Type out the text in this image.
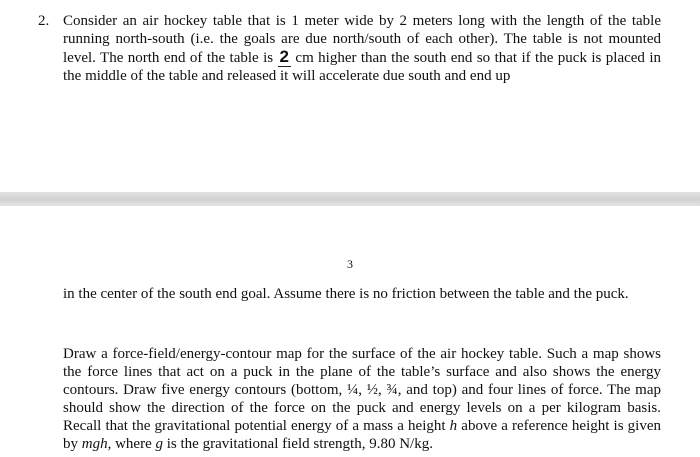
2. Consider an air hockey table that is 1 meter wide by 2 meters long with the length of the table running north-south (i.e. the goals are due north/south of each other). The table is not mounted level. The north end of the table is 2 cm higher than the south end so that if the puck is placed in the middle of the table and released it will accelerate due south and end up

3

in the center of the south end goal. Assume there is no friction between the table and the puck.

Draw a force-field/energy-contour map for the surface of the air hockey table. Such a map shows the force lines that act on a puck in the plane of the table’s surface and also shows the energy contours. Draw five energy contours (bottom, ¼, ½, ¾, and top) and four lines of force. The map should show the direction of the force on the puck and energy levels on a per kilogram basis. Recall that the gravitational potential energy of a mass a height h above a reference height is given by mgh, where g is the gravitational field strength, 9.80 N/kg.
